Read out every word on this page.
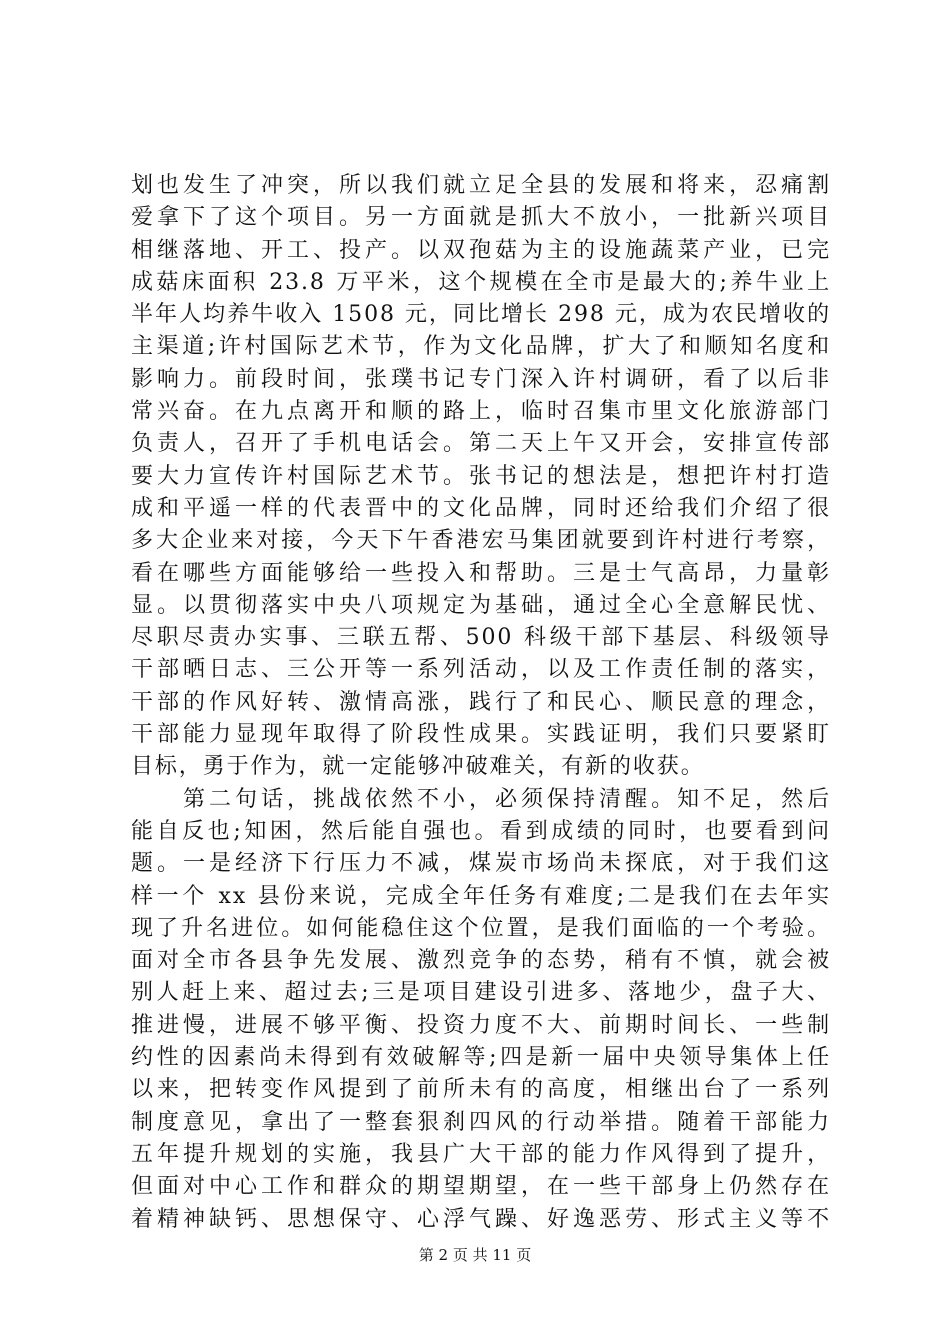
划也发生了冲突，所以我们就立足全县的发展和将来，忍痛割
爱拿下了这个项目。另一方面就是抓大不放小，一批新兴项目
相继落地、开工、投产。以双孢菇为主的设施蔬菜产业，已完
成菇床面积 23.8 万平米，这个规模在全市是最大的;养牛业上
半年人均养牛收入 1508 元，同比增长 298 元，成为农民增收的
主渠道;许村国际艺术节，作为文化品牌，扩大了和顺知名度和
影响力。前段时间，张璞书记专门深入许村调研，看了以后非
常兴奋。在九点离开和顺的路上，临时召集市里文化旅游部门
负责人，召开了手机电话会。第二天上午又开会，安排宣传部
要大力宣传许村国际艺术节。张书记的想法是，想把许村打造
成和平遥一样的代表晋中的文化品牌，同时还给我们介绍了很
多大企业来对接，今天下午香港宏马集团就要到许村进行考察，
看在哪些方面能够给一些投入和帮助。三是士气高昂，力量彰
显。以贯彻落实中央八项规定为基础，通过全心全意解民忧、
尽职尽责办实事、三联五帮、500 科级干部下基层、科级领导
干部晒日志、三公开等一系列活动，以及工作责任制的落实，
干部的作风好转、激情高涨，践行了和民心、顺民意的理念，
干部能力显现年取得了阶段性成果。实践证明，我们只要紧盯
目标，勇于作为，就一定能够冲破难关，有新的收获。
　　第二句话，挑战依然不小，必须保持清醒。知不足，然后
能自反也;知困，然后能自强也。看到成绩的同时，也要看到问
题。一是经济下行压力不减，煤炭市场尚未探底，对于我们这
样一个 xx 县份来说，完成全年任务有难度;二是我们在去年实
现了升名进位。如何能稳住这个位置，是我们面临的一个考验。
面对全市各县争先发展、激烈竞争的态势，稍有不慎，就会被
别人赶上来、超过去;三是项目建设引进多、落地少，盘子大、
推进慢，进展不够平衡、投资力度不大、前期时间长、一些制
约性的因素尚未得到有效破解等;四是新一届中央领导集体上任
以来，把转变作风提到了前所未有的高度，相继出台了一系列
制度意见，拿出了一整套狠刹四风的行动举措。随着干部能力
五年提升规划的实施，我县广大干部的能力作风得到了提升，
但面对中心工作和群众的期望期望，在一些干部身上仍然存在
着精神缺钙、思想保守、心浮气躁、好逸恶劳、形式主义等不
第 2 页 共 11 页
